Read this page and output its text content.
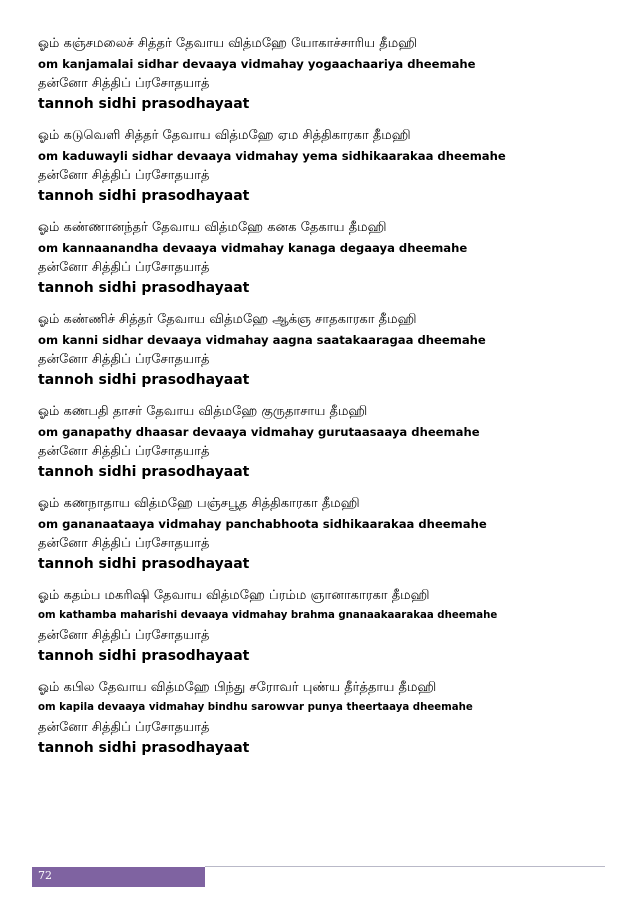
ஓம் கஞ்சமலைச் சித்தர் தேவாய வித்மஹே யோகாச்சாரிய தீமஹி
om kanjamalai sidhar devaaya vidmahay yogaachaariya dheemahe
தன்னோ சித்திப் ப்ரசோதயாத்
tannoh sidhi prasodhayaat
ஓம் கடுவெளி சித்தர் தேவாய வித்மஹே ஏம சித்திகாரகா தீமஹி
om kaduwayli sidhar devaaya vidmahay yema sidhikaarakaa dheemahe
தன்னோ சித்திப் ப்ரசோதயாத்
tannoh sidhi prasodhayaat
ஓம் கண்ணானந்தர் தேவாய வித்மஹே கனக தேகாய தீமஹி
om kannaanandha devaaya vidmahay kanaga degaaya dheemahe
தன்னோ சித்திப் ப்ரசோதயாத்
tannoh sidhi prasodhayaat
ஓம் கண்ணிச் சித்தர் தேவாய வித்மஹே ஆக்ஞ சாதகாரகா தீமஹி
om kanni sidhar devaaya vidmahay aagna saatakaaragaa dheemahe
தன்னோ சித்திப் ப்ரசோதயாத்
tannoh sidhi prasodhayaat
ஓம் கணபதி தாசர் தேவாய வித்மஹே குருதாசாய தீமஹி
om ganapathy dhaasar devaaya vidmahay gurutaasaaya dheemahe
தன்னோ சித்திப் ப்ரசோதயாத்
tannoh sidhi prasodhayaat
ஓம் கணநாதாய வித்மஹே பஞ்சபூத சித்திகாரகா தீமஹி
om gananaataaya vidmahay panchabhoota sidhikaarakaa dheemahe
தன்னோ சித்திப் ப்ரசோதயாத்
tannoh sidhi prasodhayaat
ஓம் கதம்ப மகரிஷி தேவாய வித்மஹே ப்ரம்ம ஞானாகாரகா தீமஹி
om kathamba maharishi devaaya vidmahay brahma gnanaakaarakaa dheemahe
தன்னோ சித்திப் ப்ரசோதயாத்
tannoh sidhi prasodhayaat
ஓம் கபில தேவாய வித்மஹே பிந்து சரோவர் புண்ய தீர்த்தாய தீமஹி
om kapila devaaya vidmahay bindhu sarowvar punya theertaaya dheemahe
தன்னோ சித்திப் ப்ரசோதயாத்
tannoh sidhi prasodhayaat
72
